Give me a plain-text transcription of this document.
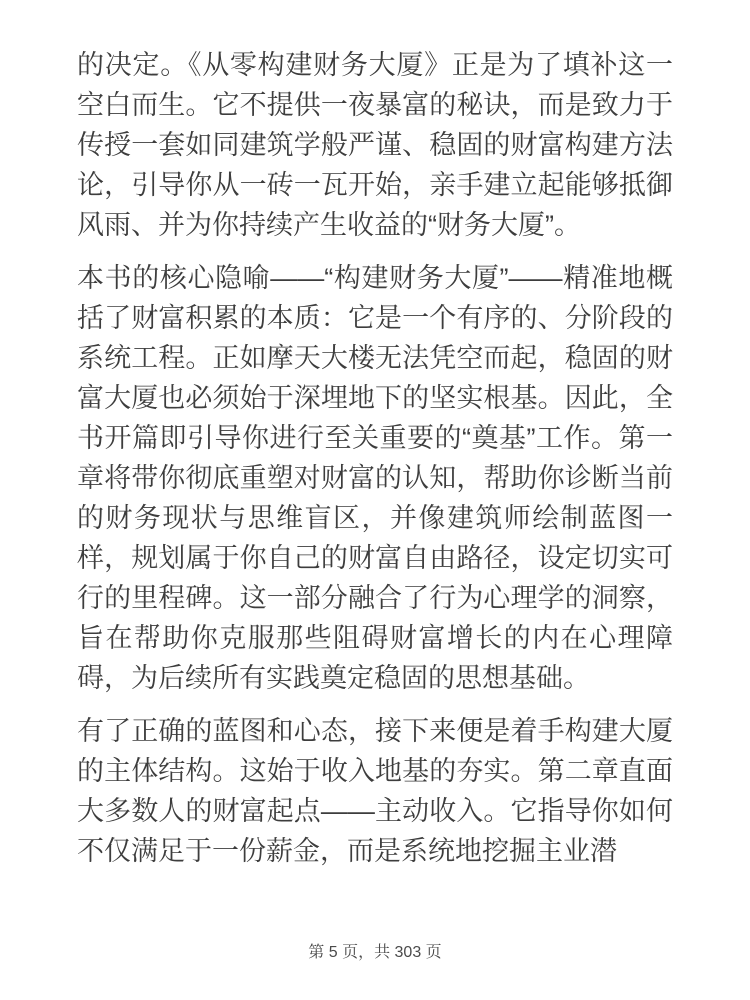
的决定。《从零构建财务大厦》正是为了填补这一空白而生。它不提供一夜暴富的秘诀，而是致力于传授一套如同建筑学般严谨、稳固的财富构建方法论，引导你从一砖一瓦开始，亲手建立起能够抵御风雨、并为你持续产生收益的“财务大厦”。

本书的核心隐喻——“构建财务大厦”——精准地概括了财富积累的本质：它是一个有序的、分阶段的系统工程。正如摩天大楼无法凭空而起，稳固的财富大厦也必须始于深埋地下的坚实根基。因此，全书开篇即引导你进行至关重要的“奠基”工作。第一章将带你彻底重塑对财富的认知，帮助你诊断当前的财务现状与思维盲区，并像建筑师绘制蓝图一样，规划属于你自己的财富自由路径，设定切实可行的里程碑。这一部分融合了行为心理学的洞察，旨在帮助你克服那些阻碍财富增长的内在心理障碍，为后续所有实践奠定稳固的思想基础。

有了正确的蓝图和心态，接下来便是着手构建大厦的主体结构。这始于收入地基的夯实。第二章直面大多数人的财富起点——主动收入。它指导你如何不仅满足于一份薪金，而是系统地挖掘主业潜

第 5 页，共 303 页
